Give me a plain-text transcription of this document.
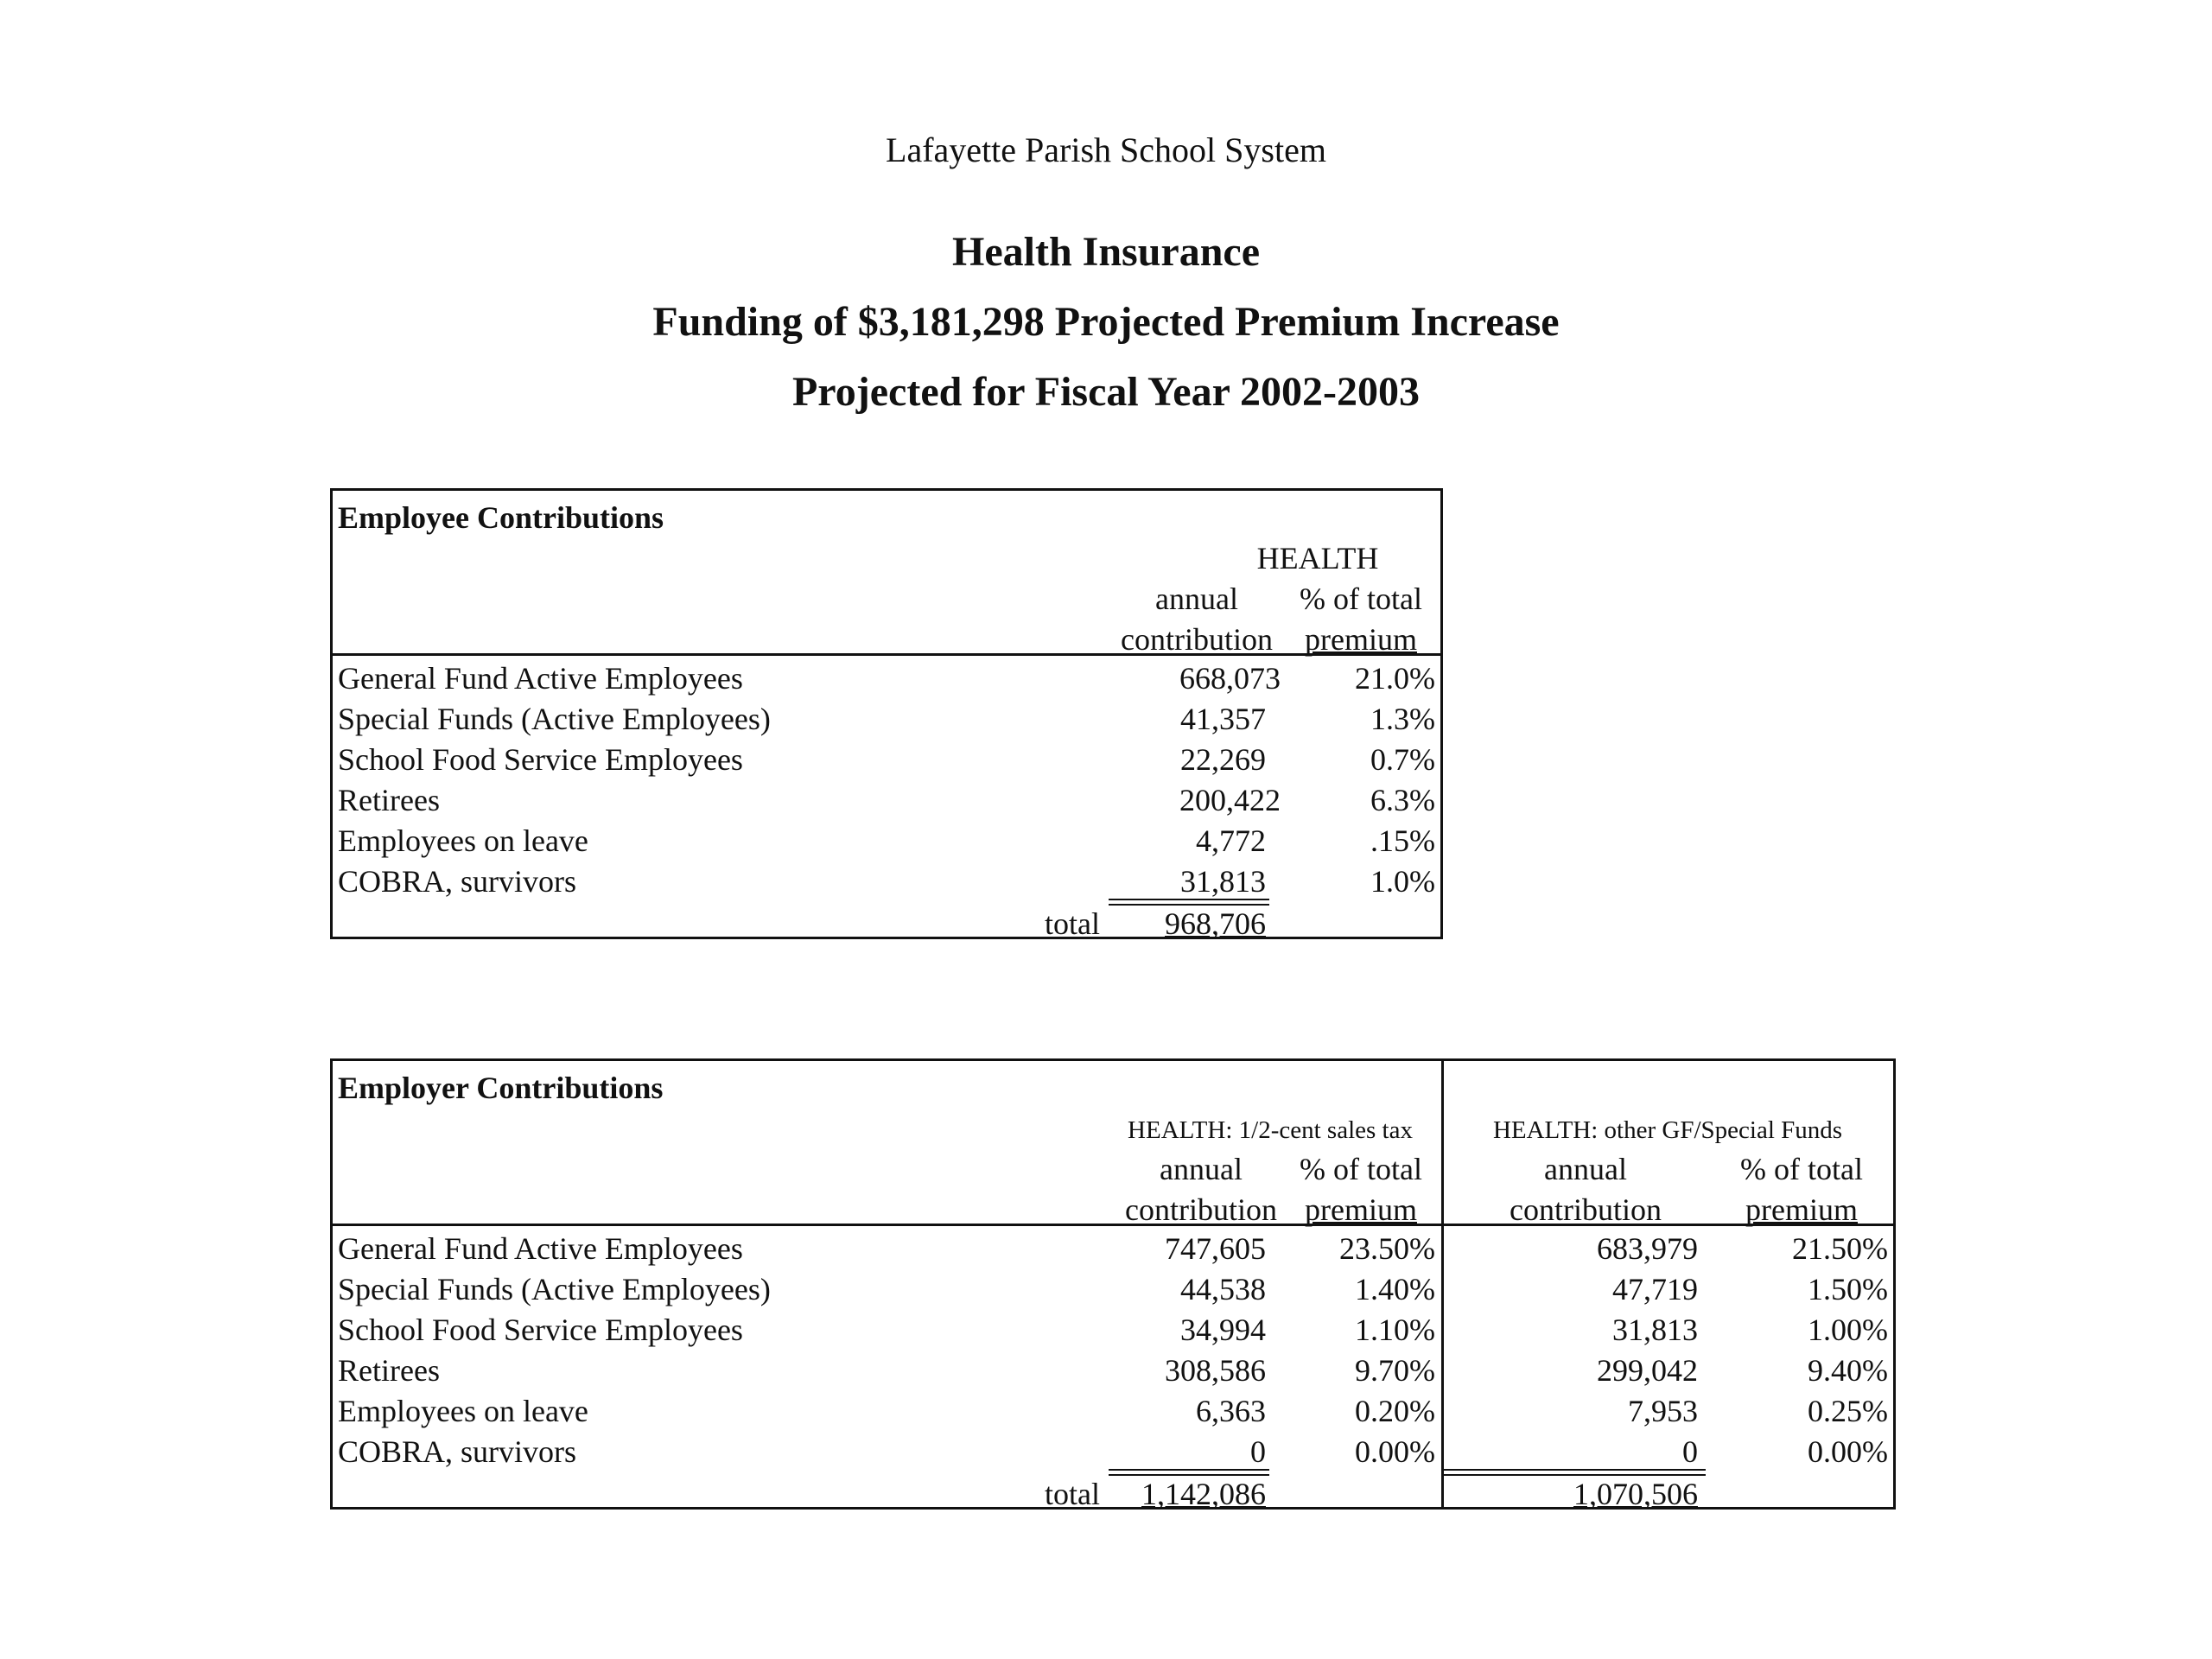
Lafayette Parish School System
Health Insurance
Funding of $3,181,298 Projected Premium Increase
Projected for Fiscal Year 2002-2003
Employee Contributions
HEALTH
annual
contribution
% of total
premium
General Fund Active Employees	668,073	21.0%
Special Funds (Active Employees)	41,357	1.3%
School Food Service Employees	22,269	0.7%
Retirees	200,422	6.3%
Employees on leave	4,772	.15%
COBRA, survivors	31,813	1.0%
total 968,706
Employer Contributions
HEALTH: 1/2-cent sales tax
annual
contribution
% of total
premium
HEALTH: other GF/Special Funds
annual
contribution
% of total
premium
General Fund Active Employees	747,605	23.50%	683,979	21.50%
Special Funds (Active Employees)	44,538	1.40%	47,719	1.50%
School Food Service Employees	34,994	1.10%	31,813	1.00%
Retirees	308,586	9.70%	299,042	9.40%
Employees on leave	6,363	0.20%	7,953	0.25%
COBRA, survivors	0	0.00%	0	0.00%
total 1,142,086	1,070,506
